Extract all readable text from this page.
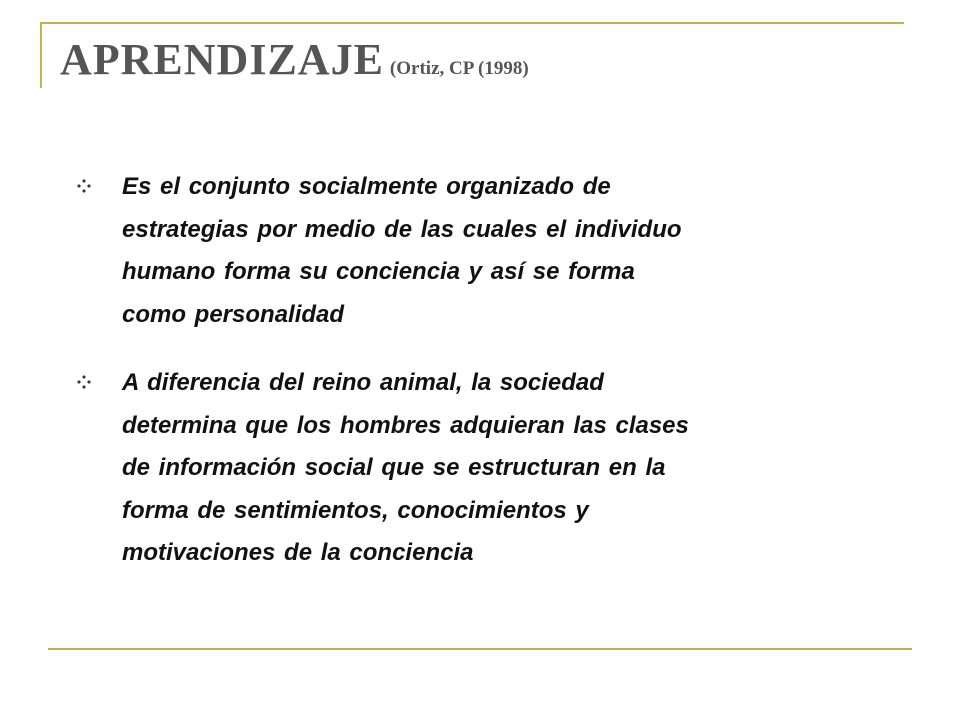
APRENDIZAJE (Ortiz, CP (1998)
Es el conjunto socialmente organizado de
estrategias por medio de las cuales el individuo
humano forma su conciencia y así se forma
como personalidad
A diferencia del reino animal, la sociedad
determina que los hombres adquieran las clases
de información social que se estructuran en la
forma de sentimientos, conocimientos y
motivaciones de la conciencia
